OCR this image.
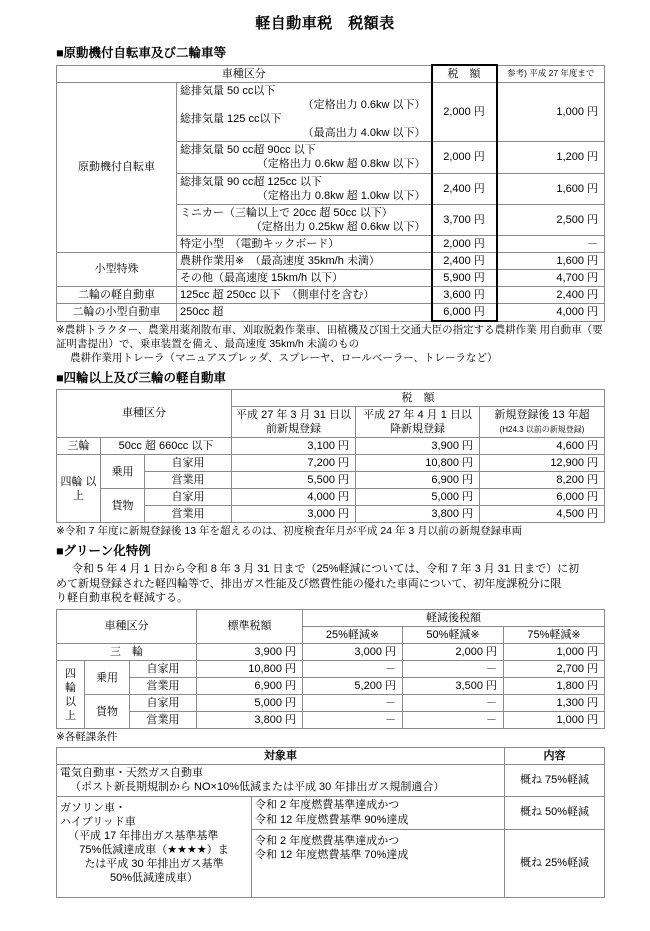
軽自動車税　税額表
■原動機付自転車及び二輪車等
車種区分		税　額	参考) 平成 27 年度まで
原動機付自転車	総排気量 50 cc以下
（定格出力 0.6kw 以下）
総排気量 125 cc以下
（最高出力 4.0kw 以下）	2,000 円	1,000 円
	総排気量 50 cc超 90cc 以下
（定格出力 0.6kw 超 0.8kw 以下）	2,000 円	1,200 円
	総排気量 90 cc超 125cc 以下
（定格出力 0.8kw 超 1.0kw 以下）	2,400 円	1,600 円
	ミニカー（三輪以上で 20cc 超 50cc 以下）
（定格出力 0.25kw 超 0.6kw 以下）	3,700 円	2,500 円
	特定小型　（電動キックボード）	2,000 円	－
小型特殊	農耕作業用※　（最高速度 35km/h 未満）	2,400 円	1,600 円
	その他（最高速度 15km/h 以下）	5,900 円	4,700 円
二輪の軽自動車	125cc 超 250cc 以下　（側車付を含む）	3,600 円	2,400 円
二輪の小型自動車	250cc 超	6,000 円	4,000 円
※農耕トラクター、農業用薬剤散布車、刈取脱穀作業車、田植機及び国土交通大臣の指定する農耕作業 用自動車（要証明書提出）で、乗車装置を備え、最高速度 35km/h 未満のもの
農耕作業用トレーラ（マニュアスプレッダ、スプレーヤ、ロールベーラー、トレーラなど）
■四輪以上及び三輪の軽自動車
車種区分			税　額		
			平成 27 年 3 月 31 日以前新規登録	平成 27 年 4 月 1 日以降新規登録	新規登録後 13 年超 (H24.3 以前の新規登録)
三輪	50cc 超 660cc 以下		3,100 円	3,900 円	4,600 円
四輪 以上	乗用	自家用	7,200 円	10,800 円	12,900 円
		営業用	5,500 円	6,900 円	8,200 円
	貨物	自家用	4,000 円	5,000 円	6,000 円
		営業用	3,000 円	3,800 円	4,500 円
※令和 7 年度に新規登録後 13 年を超えるのは、初度検査年月が平成 24 年 3 月以前の新規登録車両
■グリーン化特例
令和 5 年 4 月 1 日から令和 8 年 3 月 31 日まで（25%軽減については、令和 7 年 3 月 31 日まで）に初
めて新規登録された軽四輪等で、排出ガス性能及び燃費性能の優れた車両について、初年度課税分に限
り軽自動車税を軽減する。
車種区分			標準税額	軽減後税額		
				25%軽減※	50%軽減※	75%軽減※
三　輪			3,900 円	3,000 円	2,000 円	1,000 円

四
輪
以
上	乗用	自家用	10,800 円	－	－	2,700 円
		営業用	6,900 円	5,200 円	3,500 円	1,800 円
	貨物	自家用	5,000 円	－	－	1,300 円
		営業用	3,800 円	－	－	1,000 円
※各軽課条件
対象車		内容
電気自動車・天然ガス自動車
（ポスト新長期規制から NO×10%低減または平成 30 年排出ガス規制適合）		概ね 75%軽減

ガソリン車・
ハイブリッド車
（平成 17 年排出ガス基準基準
75%低減達成車（★★★★）ま
たは平成 30 年排出ガス基準
50%低減達成車）
	令和 2 年度燃費基準達成かつ
令和 12 年度燃費基準 90%達成
	概ね 50%軽減
	令和 2 年度燃費基準達成かつ
令和 12 年度燃費基準 70%達成	概ね 25%軽減
